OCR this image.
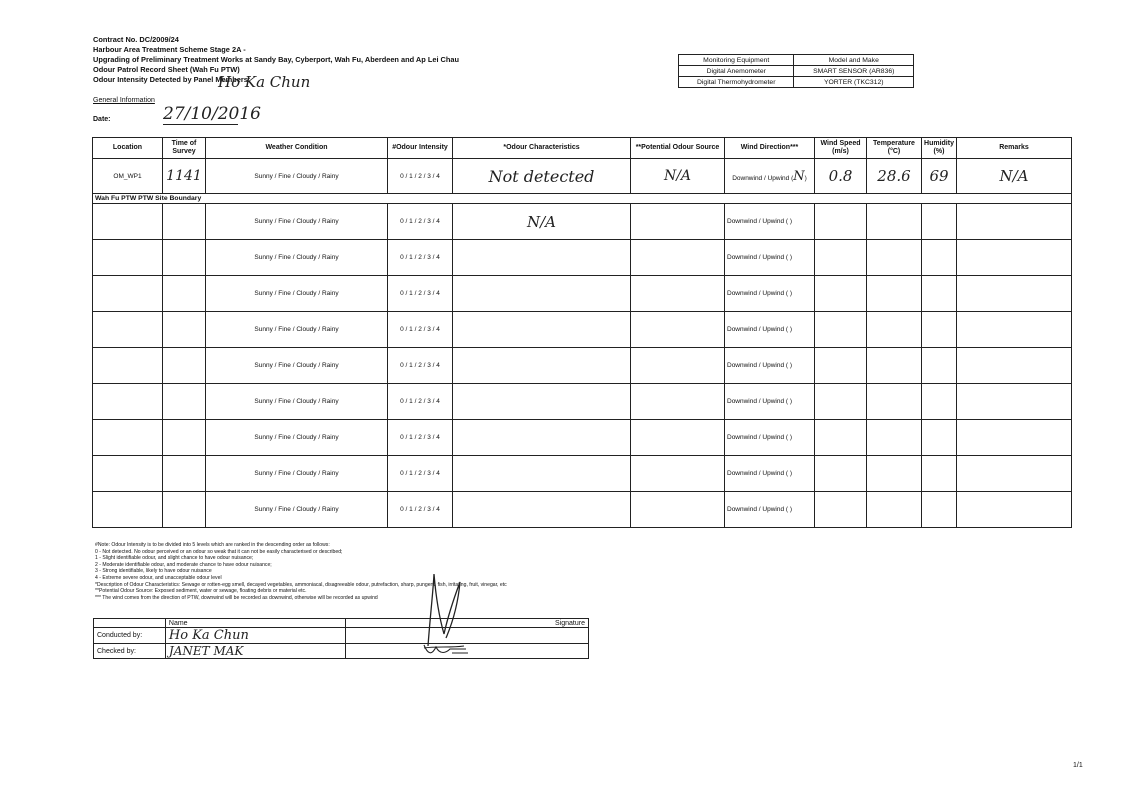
Contract No. DC/2009/24
Harbour Area Treatment Scheme Stage 2A -
Upgrading of Preliminary Treatment Works at Sandy Bay, Cyberport, Wah Fu, Aberdeen and Ap Lei Chau
Odour Patrol Record Sheet (Wah Fu PTW)
Odour Intensity Detected by Panel Members:
Ho Ka Chun
General Information
Date:	27/10/2016
Monitoring Equipment	Model and Make
Digital Anemometer	SMART SENSOR (AR836)
Digital Thermohydrometer	YORTER (TKC312)
Location	Time of Survey	Weather Condition	#Odour Intensity	*Odour Characteristics	**Potential Odour Source	Wind Direction***	Wind Speed (m/s)	Temperature (°C)	Humidity (%)	Remarks
OM_WP1	1141	Sunny / Fine / Cloudy / Rainy	0 / 1 / 2 / 3 / 4	Not detected	N/A	Downwind / Upwind (N)	0.8	28.6	69	N/A
Wah Fu PTW PTW Site Boundary										
		Sunny / Fine / Cloudy / Rainy	0 / 1 / 2 / 3 / 4	N/A		Downwind / Upwind ( )				
		Sunny / Fine / Cloudy / Rainy	0 / 1 / 2 / 3 / 4			Downwind / Upwind ( )				
		Sunny / Fine / Cloudy / Rainy	0 / 1 / 2 / 3 / 4			Downwind / Upwind ( )				
		Sunny / Fine / Cloudy / Rainy	0 / 1 / 2 / 3 / 4			Downwind / Upwind ( )				
		Sunny / Fine / Cloudy / Rainy	0 / 1 / 2 / 3 / 4			Downwind / Upwind ( )				
		Sunny / Fine / Cloudy / Rainy	0 / 1 / 2 / 3 / 4			Downwind / Upwind ( )				
		Sunny / Fine / Cloudy / Rainy	0 / 1 / 2 / 3 / 4			Downwind / Upwind ( )				
		Sunny / Fine / Cloudy / Rainy	0 / 1 / 2 / 3 / 4			Downwind / Upwind ( )				
		Sunny / Fine / Cloudy / Rainy	0 / 1 / 2 / 3 / 4			Downwind / Upwind ( )				
#Note: Odour Intensity is to be divided into 5 levels which are ranked in the descending order as follows:
0 - Not detected. No odour perceived or an odour so weak that it can not be easily characterised or described;
1 - Slight identifiable odour, and slight chance to have odour nuisance;
2 - Moderate identifiable odour, and moderate chance to have odour nuisance;
3 - Strong identifiable, likely to have odour nuisance
4 - Extreme severe odour, and unacceptable odour level
*Description of Odour Characteristics: Sewage or rotten-egg smell, decayed vegetables, ammoniacal, disagreeable odour, putrefaction, sharp, pungent, fish, irritating, fruit, vinegar, etc
**Potential Odour Source: Exposed sediment, water or sewage, floating debris or material etc.
*** The wind comes from the direction of PTW, downwind will be recorded as downwind, otherwise will be recorded as upwind
	Name	Signature
Conducted by:	Ho Ka Chun	
Checked by:	JANET MAK	
1/1
